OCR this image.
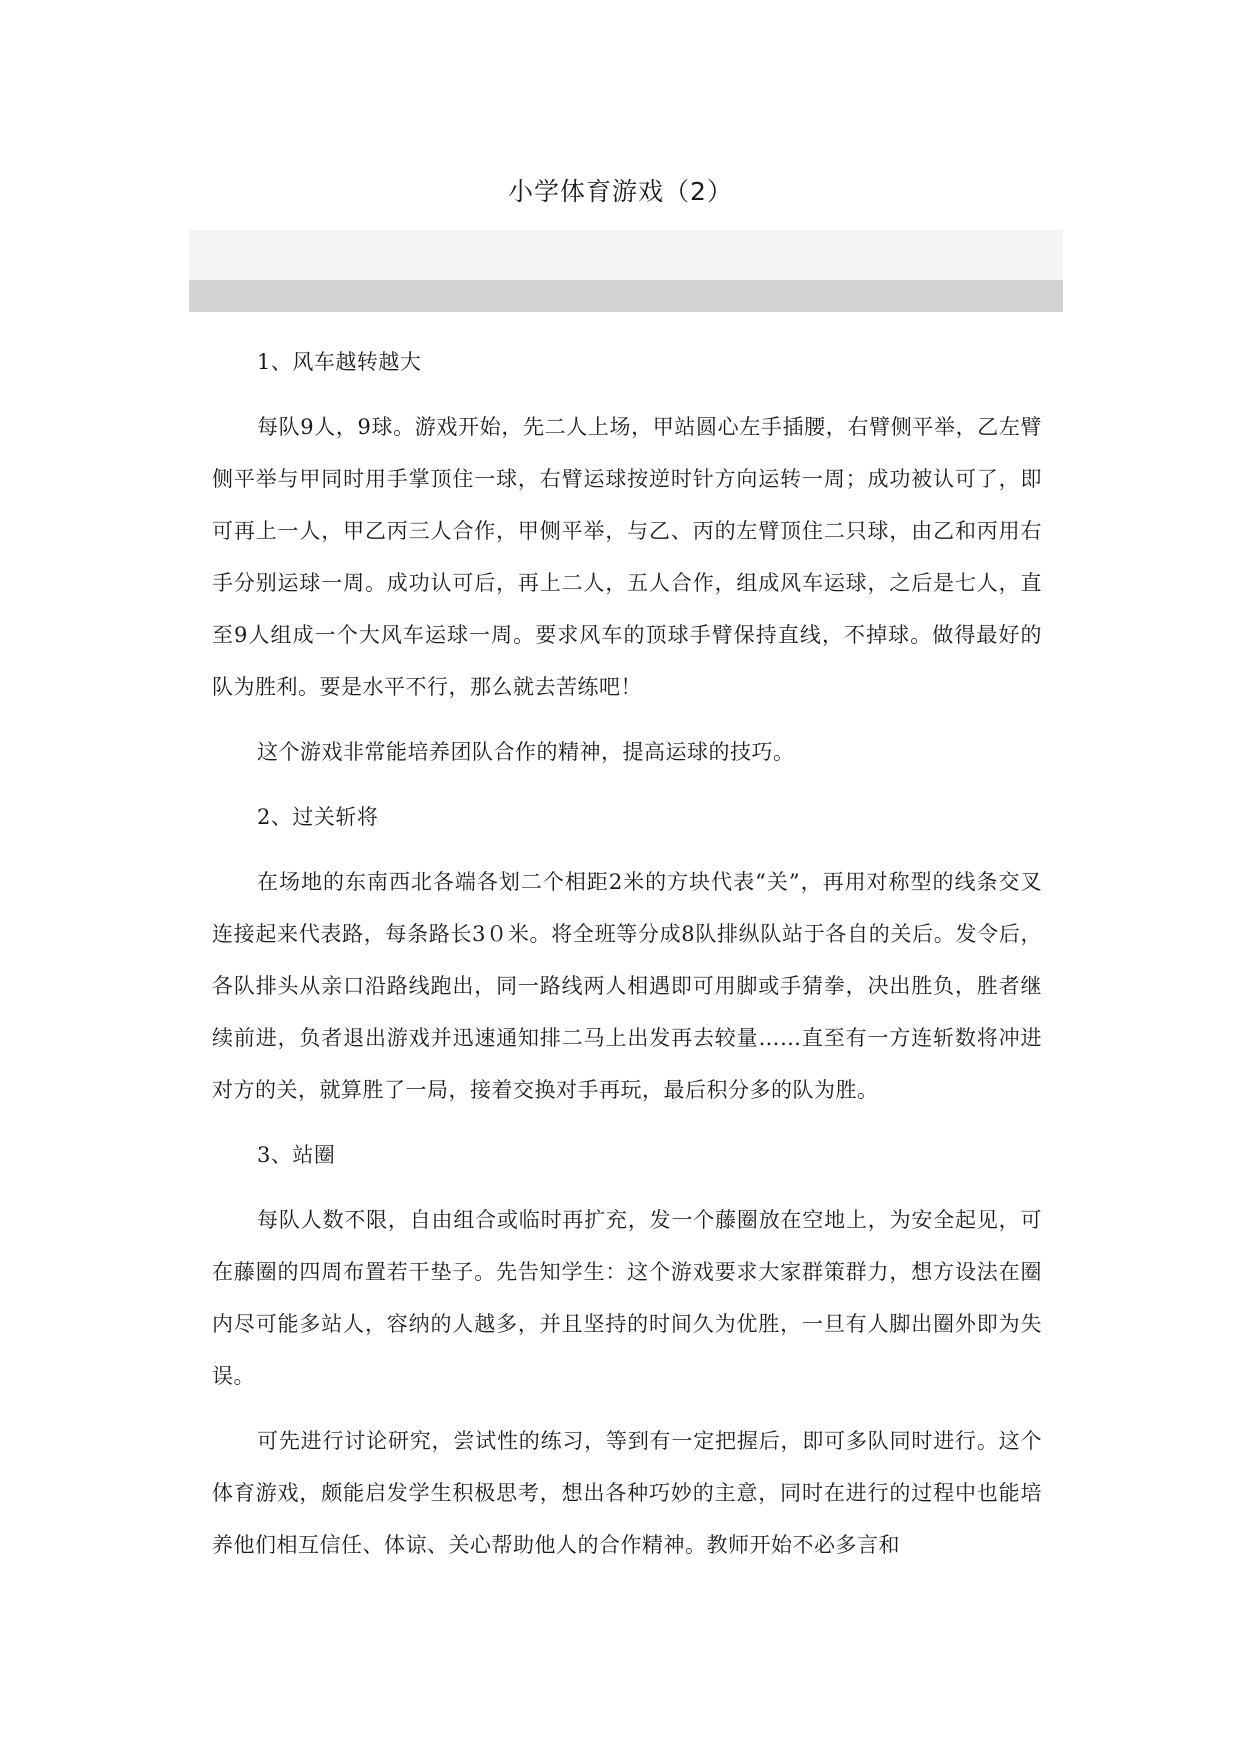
小学体育游戏（2）

1、风车越转越大

每队9人，9球。游戏开始，先二人上场，甲站圆心左手插腰，右臂侧平举，乙左臂侧平举与甲同时用手掌顶住一球，右臂运球按逆时针方向运转一周；成功被认可了，即可再上一人，甲乙丙三人合作，甲侧平举，与乙、丙的左臂顶住二只球，由乙和丙用右手分别运球一周。成功认可后，再上二人，五人合作，组成风车运球，之后是七人，直至9人组成一个大风车运球一周。要求风车的顶球手臂保持直线，不掉球。做得最好的队为胜利。要是水平不行，那么就去苦练吧！

这个游戏非常能培养团队合作的精神，提高运球的技巧。

2、过关斩将

在场地的东南西北各端各划二个相距2米的方块代表“关”，再用对称型的线条交叉连接起来代表路，每条路长3０米。将全班等分成8队排纵队站于各自的关后。发令后，各队排头从亲口沿路线跑出，同一路线两人相遇即可用脚或手猜拳，决出胜负，胜者继续前进，负者退出游戏并迅速通知排二马上出发再去较量……直至有一方连斩数将冲进对方的关，就算胜了一局，接着交换对手再玩，最后积分多的队为胜。

3、站圈

每队人数不限，自由组合或临时再扩充，发一个藤圈放在空地上，为安全起见，可在藤圈的四周布置若干垫子。先告知学生：这个游戏要求大家群策群力，想方设法在圈内尽可能多站人，容纳的人越多，并且坚持的时间久为优胜，一旦有人脚出圈外即为失误。

可先进行讨论研究，尝试性的练习，等到有一定把握后，即可多队同时进行。这个体育游戏，颇能启发学生积极思考，想出各种巧妙的主意，同时在进行的过程中也能培养他们相互信任、体谅、关心帮助他人的合作精神。教师开始不必多言和
